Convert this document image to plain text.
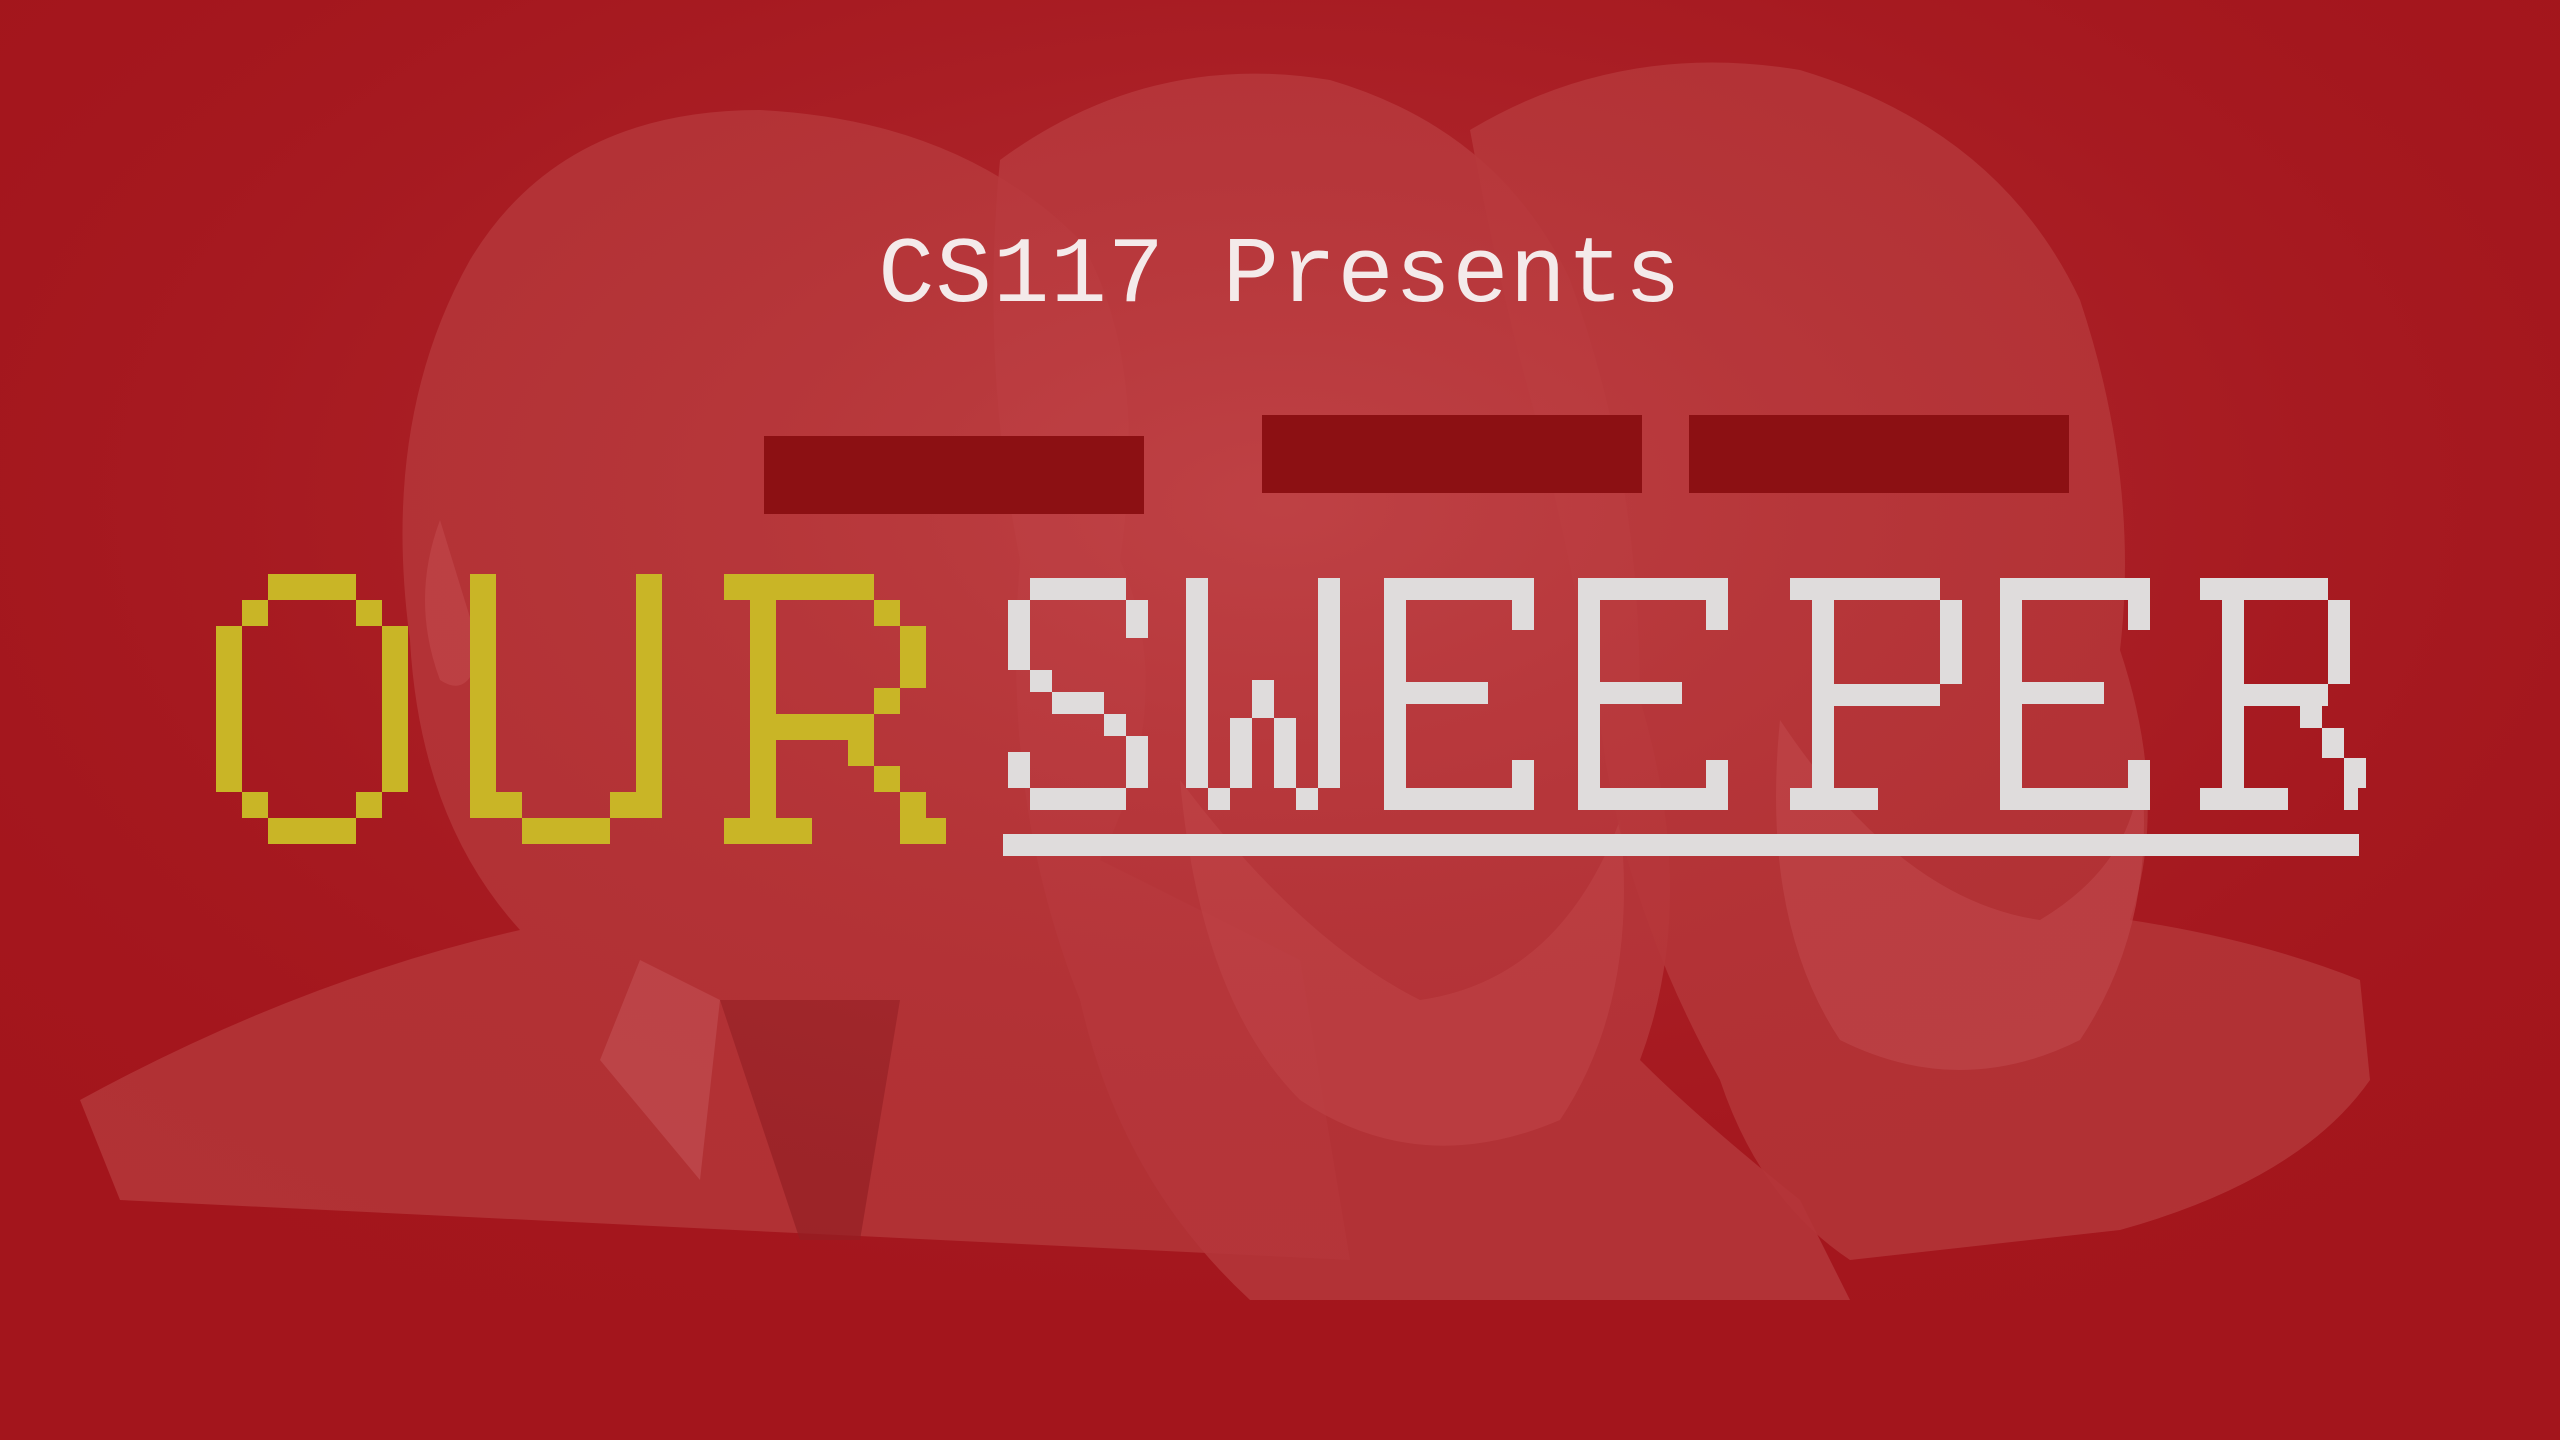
CS117 Presents
